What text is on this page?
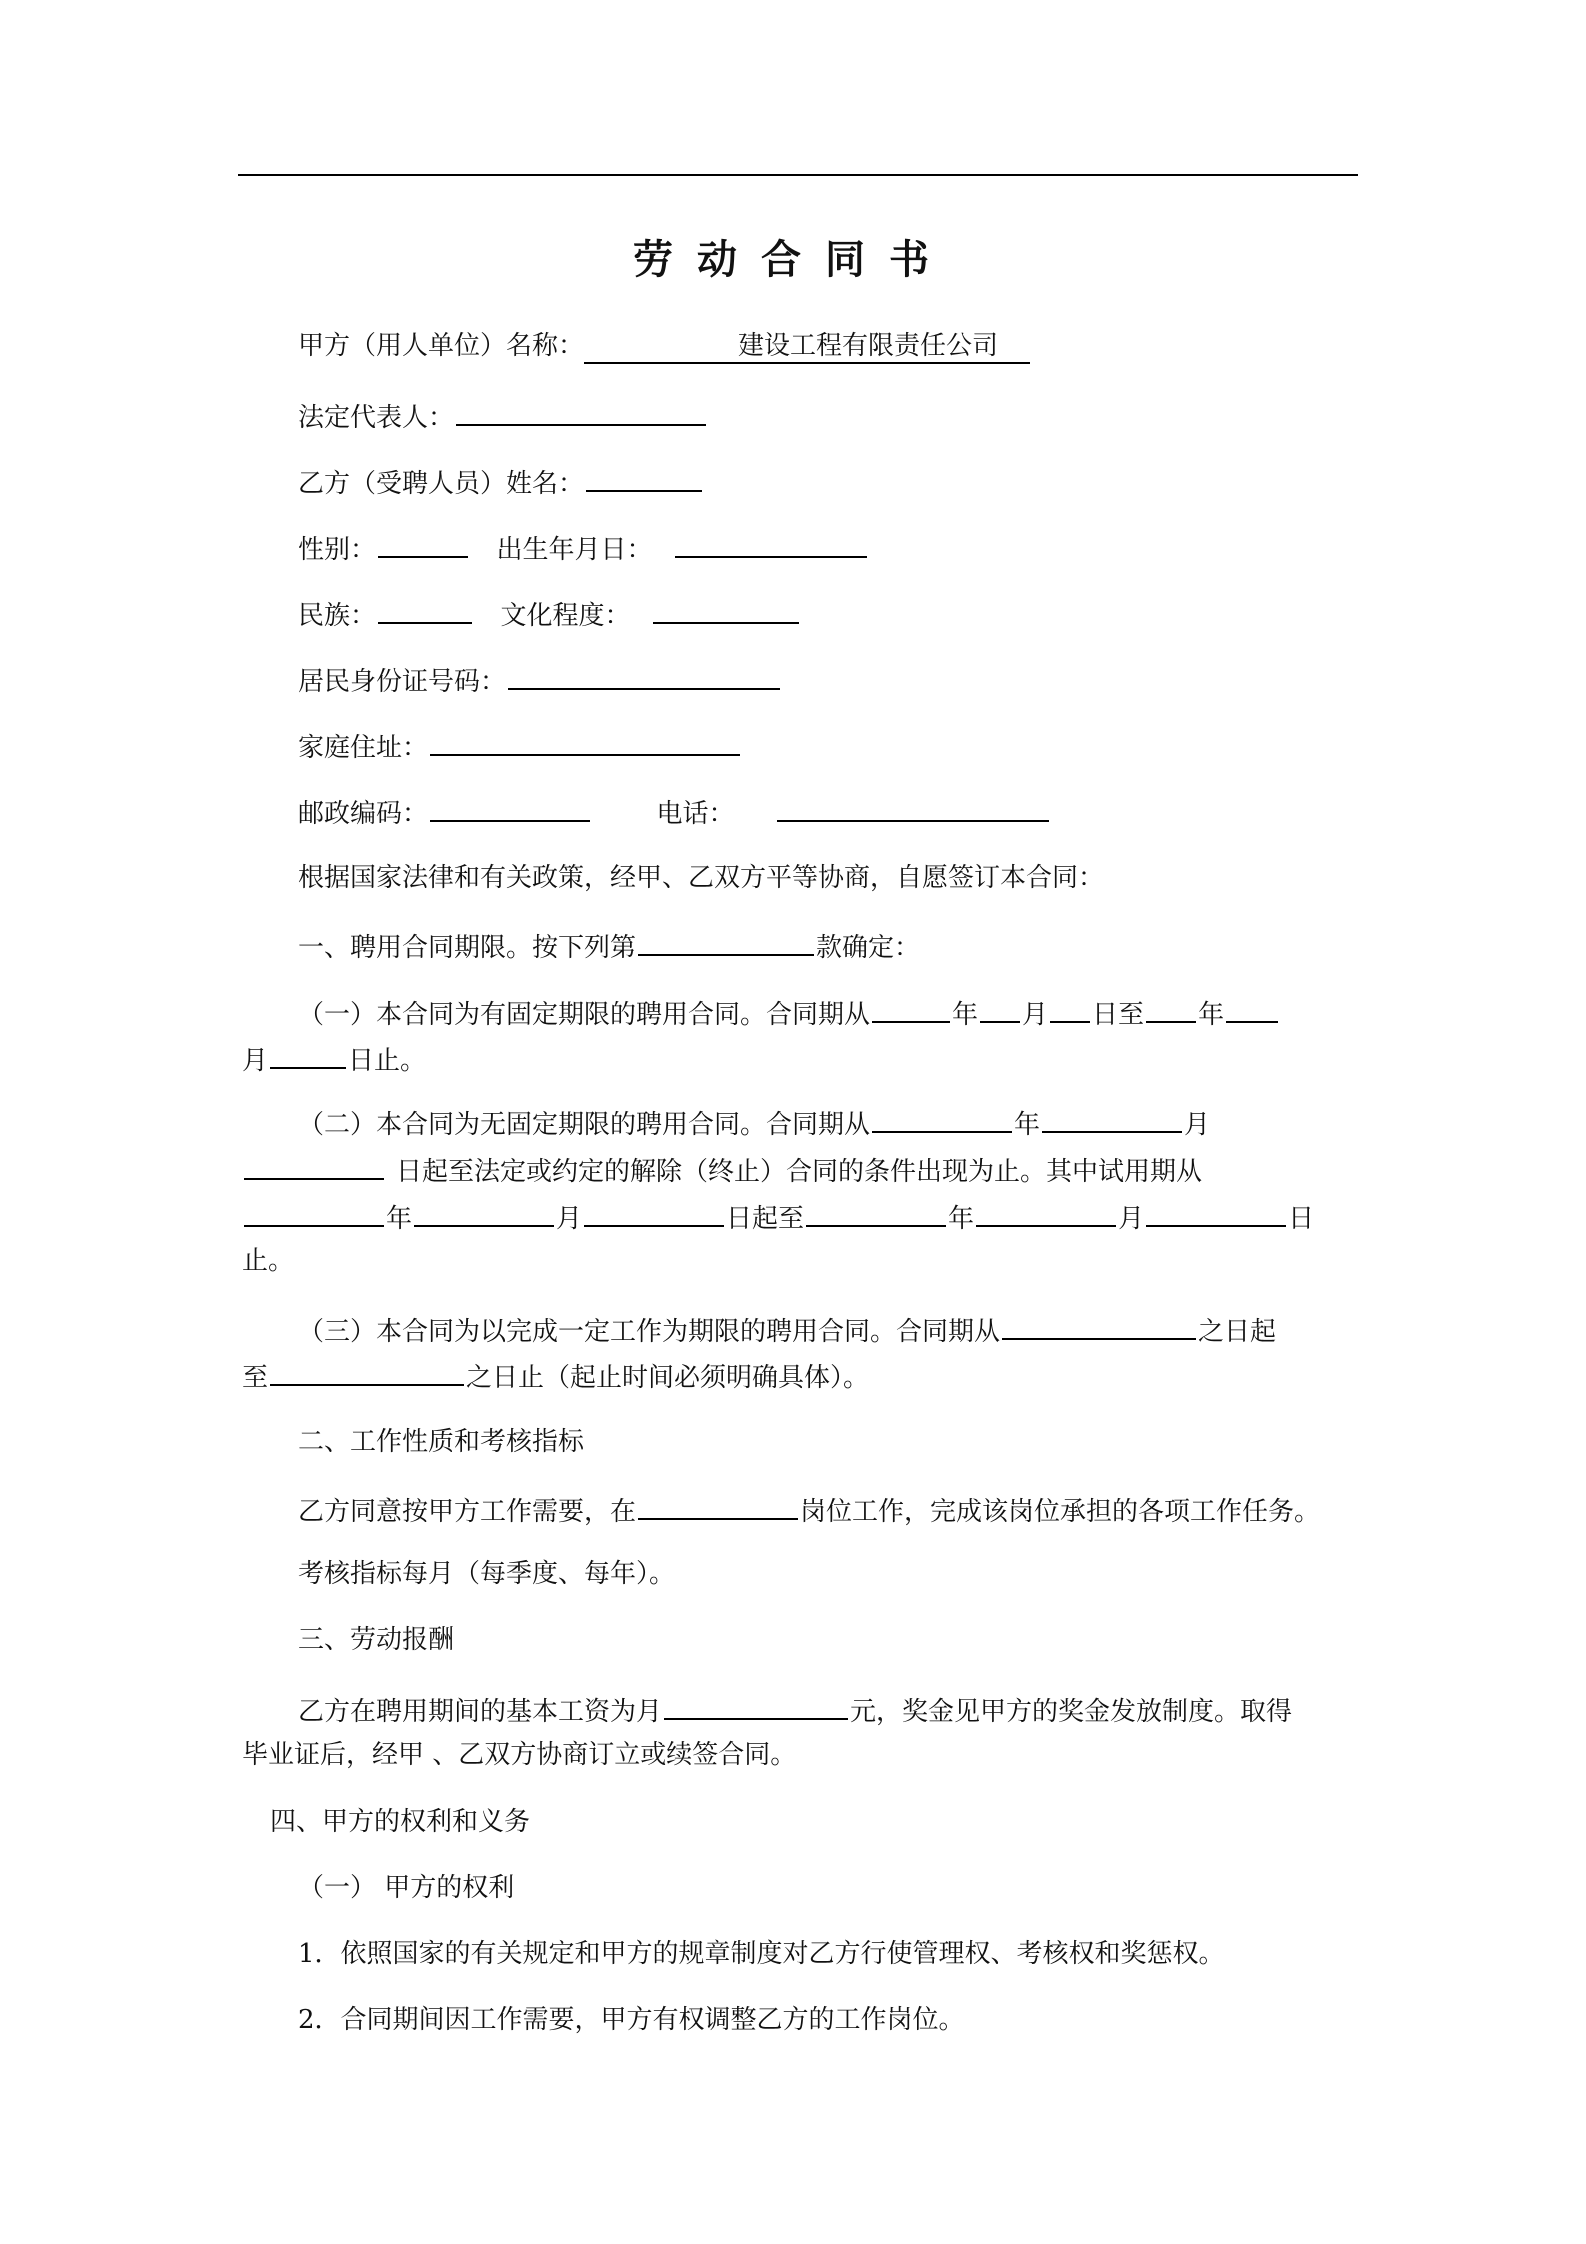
劳动合同书
甲方（用人单位）名称：	建设工程有限责任公司
法定代表人：
乙方（受聘人员）姓名：
性别：	出生年月日：
民族：	文化程度：
居民身份证号码：
家庭住址：
邮政编码：	电话：
根据国家法律和有关政策，经甲、乙双方平等协商，自愿签订本合同：
一、聘用合同期限。按下列第	款确定：
（一）本合同为有固定期限的聘用合同。合同期从	年 月 日至 年
月	日止。
（二）本合同为无固定期限的聘用合同。合同期从	年	月
日起至法定或约定的解除（终止）合同的条件出现为止。其中试用期从
年	月	日起至	年	月	日
止。
（三）本合同为以完成一定工作为期限的聘用合同。合同期从	之日起
至	之日止（起止时间必须明确具体）。
二、工作性质和考核指标
乙方同意按甲方工作需要，在	岗位工作，完成该岗位承担的各项工作任务。
考核指标每月（每季度、每年）。
三、劳动报酬
乙方在聘用期间的基本工资为月	元，奖金见甲方的奖金发放制度。取得
毕业证后，经甲 、乙双方协商订立或续签合同。
四、甲方的权利和义务
（一） 甲方的权利
1．依照国家的有关规定和甲方的规章制度对乙方行使管理权、考核权和奖惩权。
2．合同期间因工作需要，甲方有权调整乙方的工作岗位。
